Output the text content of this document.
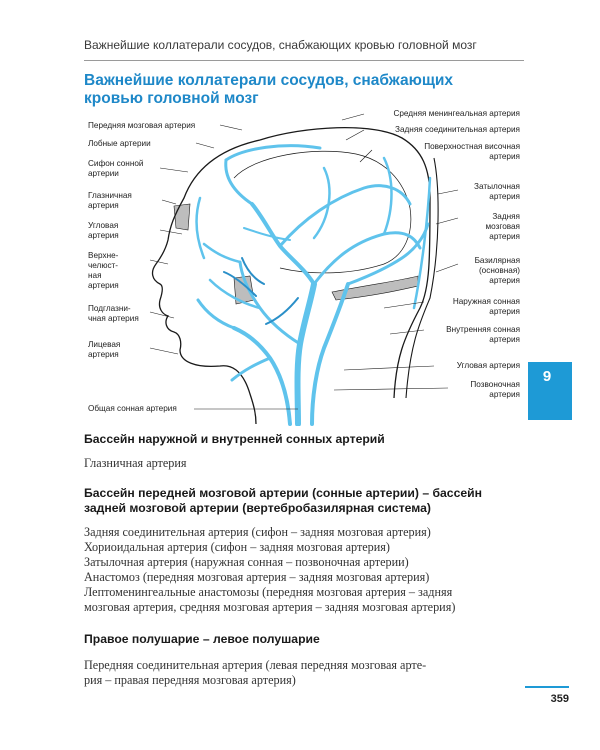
Важнейшие коллатерали сосудов, снабжающих кровью головной мозг
Важнейшие коллатерали сосудов, снабжающих
кровью головной мозг
Передняя мозговая артерия
Лобные артерии
Сифон сонной
артерии
Глазничная
артерия
Угловая
артерия
Верхне-
челюст-
ная
артерия
Подглазни-
чная артерия
Лицевая
артерия
Общая сонная артерия
Средняя менингеальная артерия
Задняя соединительная артерия
Поверхностная височная
артерия
Затылочная
артерия
Задняя
мозговая
артерия
Базилярная
(основная)
артерия
Наружная сонная
артерия
Внутренняя сонная
артерия
Угловая артерия
Позвоночная
артерия
Бассейн наружной и внутренней сонных артерий
Глазничная артерия
Бассейн передней мозговой артерии (сонные артерии) – бассейн
задней мозговой артерии (вертебробазилярная система)
Задняя соединительная артерия (сифон – задняя мозговая артерия)
Хориоидальная артерия (сифон – задняя мозговая артерия)
Затылочная артерия (наружная сонная – позвоночная артерии)
Анастомоз (передняя мозговая артерия – задняя мозговая артерия)
Лептоменингеальные анастомозы (передняя мозговая артерия – задняя
мозговая артерия, средняя мозговая артерия – задняя мозговая артерия)
Правое полушарие – левое полушарие
Передняя соединительная артерия (левая передняя мозговая арте-
рия – правая передняя мозговая артерия)
9
359
